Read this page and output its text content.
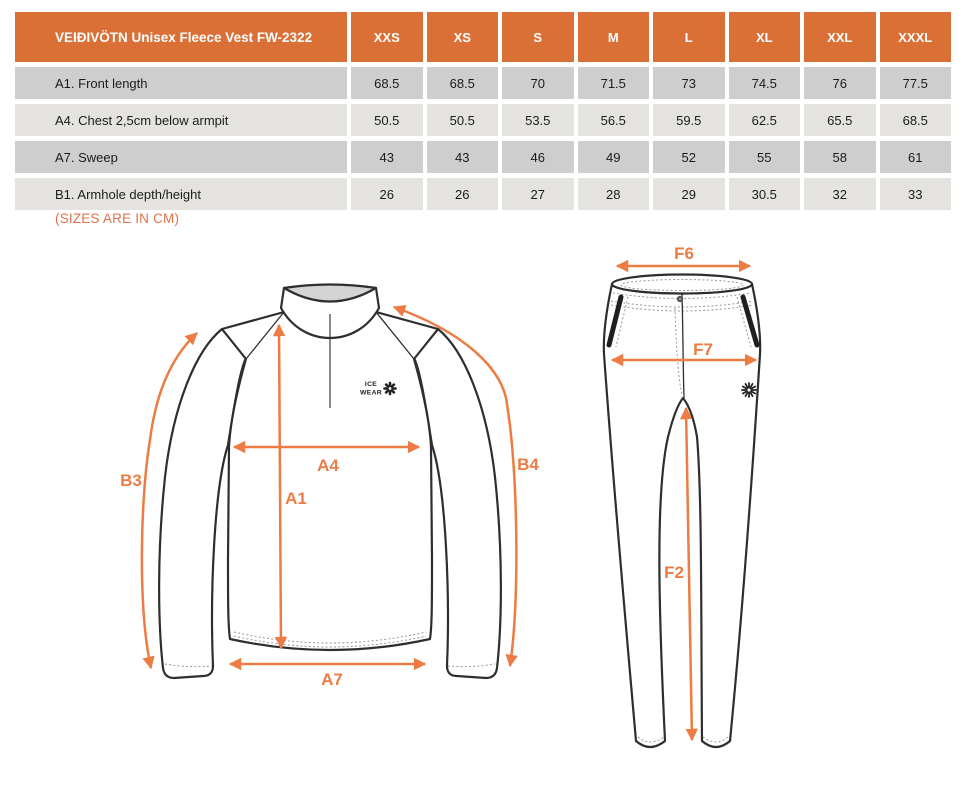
VEIÐIVÖTN Unisex Fleece Vest FW-2322	XXS	XS	S	M	L	XL	XXL	XXXL
A1. Front length	68.5	68.5	70	71.5	73	74.5	76	77.5
A4. Chest 2,5cm below armpit	50.5	50.5	53.5	56.5	59.5	62.5	65.5	68.5
A7. Sweep	43	43	46	49	52	55	58	61
B1. Armhole depth/height	26	26	27	28	29	30.5	32	33
(SIZES ARE IN CM)
ICE
WEAR
A4
A1
A7
B3
B4
F6
F7
F2
